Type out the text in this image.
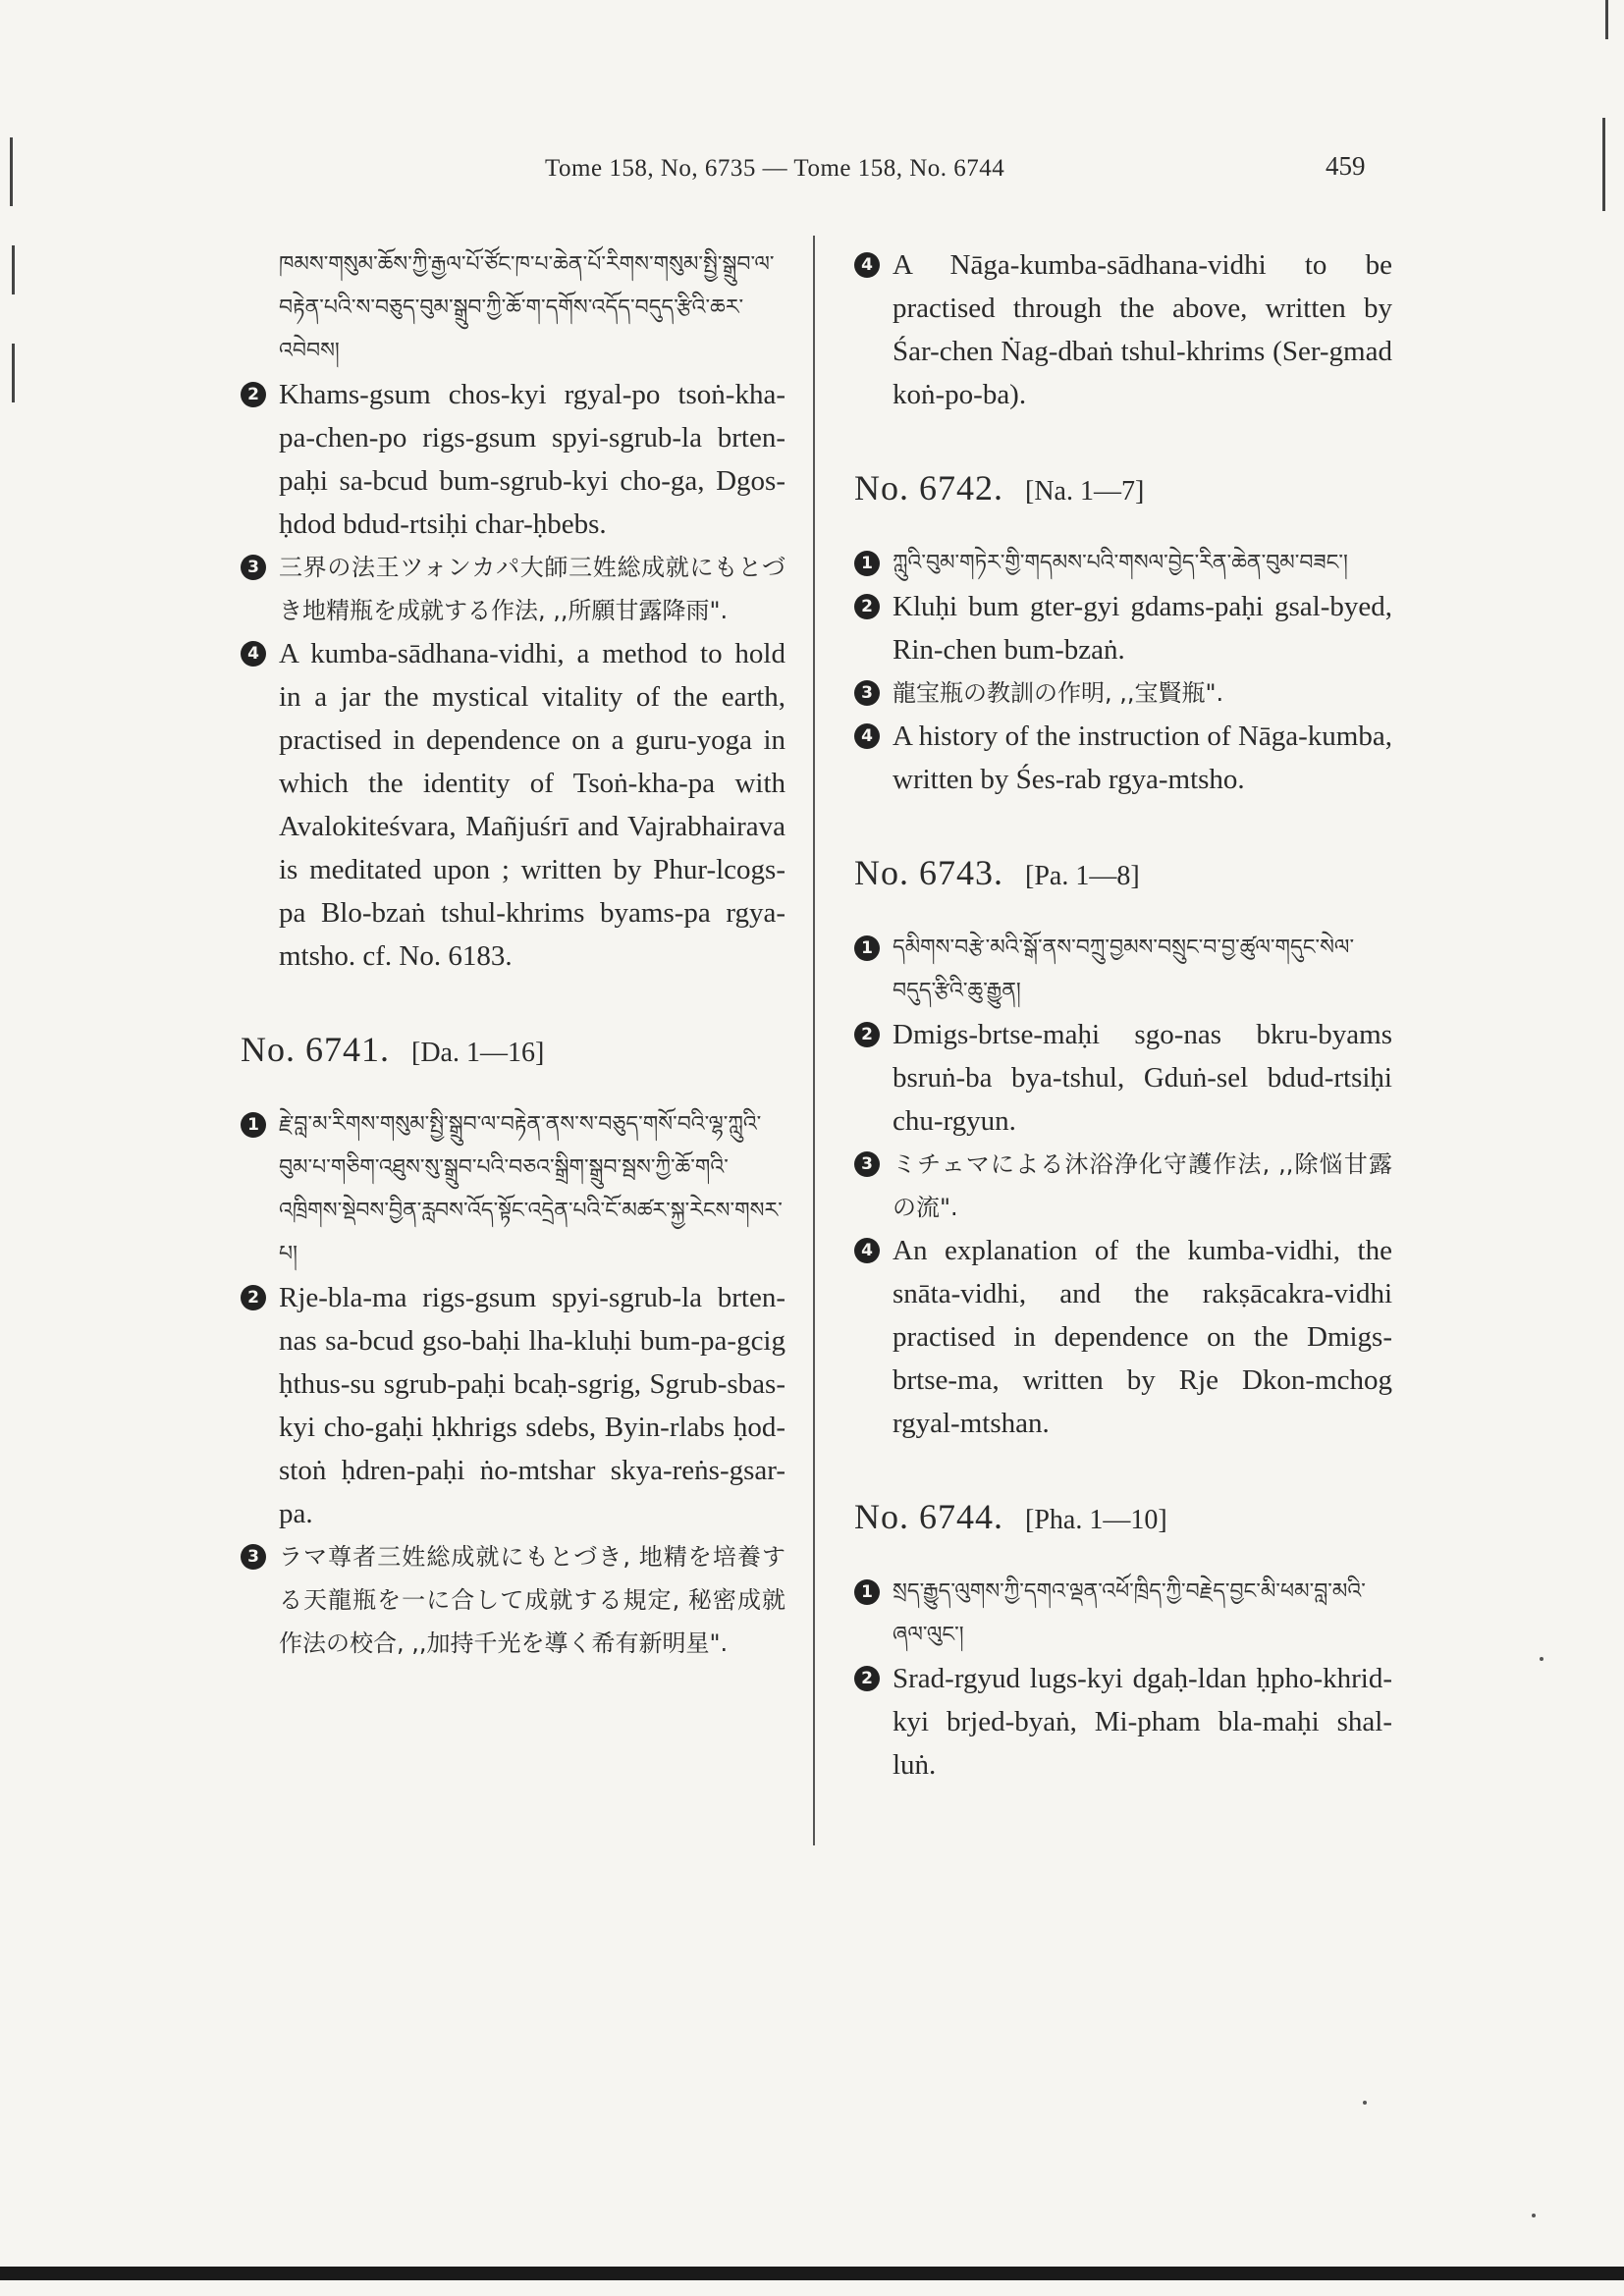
Tome 158, No, 6735 — Tome 158, No. 6744	459
ཁམས་གསུམ་ཆོས་ཀྱི་རྒྱལ་པོ་ཙོང་ཁ་པ་ཆེན་པོ་རིགས་གསུམ་སྤྱི་སྒྲུབ་ལ་བརྟེན་པའི་ས་བཅུད་བུམ་སྒྲུབ་ཀྱི་ཆོ་ག་དགོས་འདོད་བདུད་རྩིའི་ཆར་འབེབས།
2 Khams-gsum chos-kyi rgyal-po tsoṅ-kha-pa-chen-po rigs-gsum spyi-sgrub-la brten-paḥi sa-bcud bum-sgrub-kyi cho-ga, Dgos-ḥdod bdud-rtsiḥi char-ḥbebs.
3 三界の法王ツォンカパ大師三姓総成就にもとづき地精瓶を成就する作法, ,,所願甘露降雨".
4 A kumba-sādhana-vidhi, a method to hold in a jar the mystical vitality of the earth, practised in dependence on a guru-yoga in which the identity of Tsoṅ-kha-pa with Avalokiteśvara, Mañjuśrī and Vajrabhairava is meditated upon ; written by Phur-lcogs-pa Blo-bzaṅ tshul-khrims byams-pa rgya-mtsho. cf. No. 6183.
No. 6741. [Da. 1—16]
1 རྗེ་བླ་མ་རིགས་གསུམ་སྤྱི་སྒྲུབ་ལ་བརྟེན་ནས་ས་བཅུད་གསོ་བའི་ལྷ་ཀླུའི་བུམ་པ་གཅིག་འཐུས་སུ་སྒྲུབ་པའི་བཅའ་སྒྲིག་སྒྲུབ་སྦས་ཀྱི་ཆོ་གའི་འཁྲིགས་སྡེབས་བྱིན་རླབས་འོད་སྟོང་འདྲེན་པའི་ངོ་མཚར་སྐྱ་རེངས་གསར་པ།
2 Rje-bla-ma rigs-gsum spyi-sgrub-la brten-nas sa-bcud gso-baḥi lha-kluḥi bum-pa-gcig ḥthus-su sgrub-paḥi bcaḥ-sgrig, Sgrub-sbas-kyi cho-gaḥi ḥkhrigs sdebs, Byin-rlabs ḥod-stoṅ ḥdren-paḥi ṅo-mtshar skya-reṅs-gsar-pa.
3 ラマ尊者三姓総成就にもとづき, 地精を培養する天龍瓶を一に合して成就する規定, 秘密成就作法の校合, ,,加持千光を導く希有新明星".
4 A Nāga-kumba-sādhana-vidhi to be practised through the above, written by Śar-chen Ṅag-dbaṅ tshul-khrims (Ser-gmad koṅ-po-ba).
No. 6742. [Na. 1—7]
1 ཀླུའི་བུམ་གཏེར་གྱི་གདམས་པའི་གསལ་བྱེད་རིན་ཆེན་བུམ་བཟང་།
2 Kluḥi bum gter-gyi gdams-paḥi gsal-byed, Rin-chen bum-bzaṅ.
3 龍宝瓶の教訓の作明, ,,宝賢瓶".
4 A history of the instruction of Nāga-kumba, written by Śes-rab rgya-mtsho.
No. 6743. [Pa. 1—8]
1 དམིགས་བརྩེ་མའི་སྒོ་ནས་བཀྲུ་བྱམས་བསྲུང་བ་བྱ་ཚུལ་གདུང་སེལ་བདུད་རྩིའི་ཆུ་རྒྱུན།
2 Dmigs-brtse-maḥi sgo-nas bkru-byams bsruṅ-ba bya-tshul, Gduṅ-sel bdud-rtsiḥi chu-rgyun.
3 ミチェマによる沐浴浄化守護作法, ,,除悩甘露の流".
4 An explanation of the kumba-vidhi, the snāta-vidhi, and the rakṣācakra-vidhi practised in dependence on the Dmigs-brtse-ma, written by Rje Dkon-mchog rgyal-mtshan.
No. 6744. [Pha. 1—10]
1 སྲད་རྒྱུད་ལུགས་ཀྱི་དགའ་ལྡན་འཕོ་ཁྲིད་ཀྱི་བརྗེད་བྱང་མི་ཕམ་བླ་མའི་ཞལ་ལུང་།
2 Srad-rgyud lugs-kyi dgaḥ-ldan ḥpho-khrid-kyi brjed-byaṅ, Mi-pham bla-maḥi shal-luṅ.
